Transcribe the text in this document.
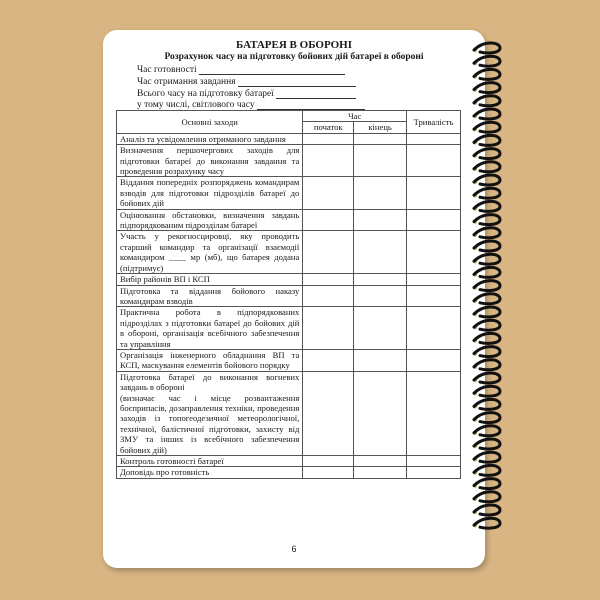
БАТАРЕЯ В ОБОРОНІ
Розрахунок часу на підготовку бойових дій батареї в обороні
Час готовності
Час отримання завдання
Всього часу на підготовку батареї
у тому числі, світлового часу
Основні заходи	Час		Тривалість
	початок	кінець	
Аналіз та усвідомлення отриманого завдання			
Визначення першочергових заходів для підготовки батареї до виконання завдання та проведення розрахунку часу			
Віддання попередніх розпоряджень командирам взводів для підготовки підрозділів батареї до бойових дій			
Оцінювання обстановки, визначення завдань підпорядкованим підрозділам батареї			
Участь у рекогносцировці, яку проводить старший командир та організації взаємодії командиром ____ мр (мб), що батарея додана (підтримує)			
Вибір районів ВП і КСП			
Підготовка та віддання бойового наказу командирам взводів			
Практична робота в підпорядкованих підрозділах з підготовки батареї до бойових дій в обороні, організація всебічного забезпечення та управління			
Організація інженерного обладнання ВП та КСП, маскування елементів бойового порядку			
Підготовка батареї до виконання вогневих завдань в обороні
(визначає час і місце розвантаження боєприпасів, дозаправлення техніки, проведення заходів із топогеодезичної метеорологічної, технічної, балістичної підготовки, захисту від ЗМУ та інших із всебічного забезпечення бойових дій)			

Контроль готовності батареї			
Доповідь про готовність			
6
